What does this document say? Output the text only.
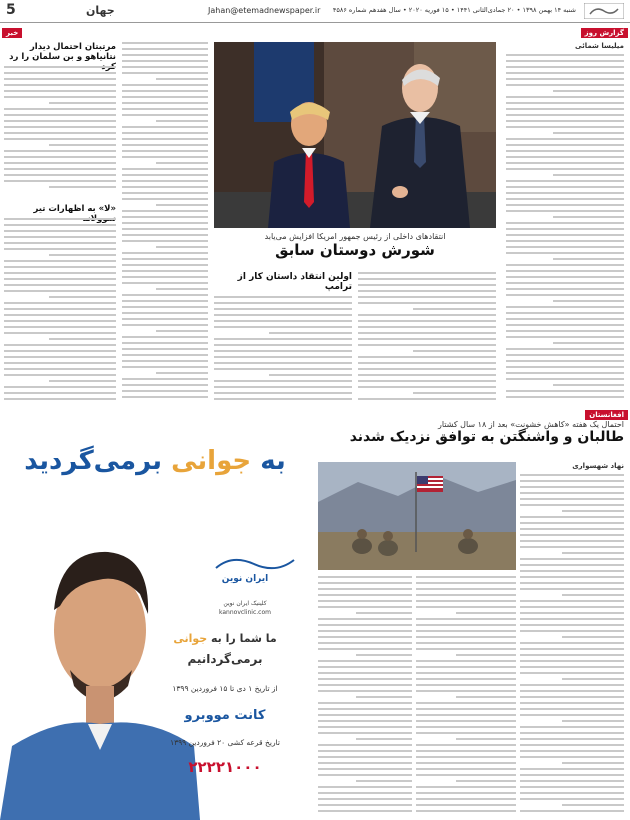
5	جهان	Jahan@etemadnewspaper.ir شنبه ۱۴ بهمن ۱۳۹۸ • ۲۰ جمادی‌الثانی ۱۴۴۱ • ۱۵ فوریه ۲۰۲۰ • سال هفدهم شماره ۴۵۸۶
گزارش روز
خبر
افغانستان
میلیسا شمائی
انتقادهای داخلی از رئیس جمهور امریکا افزایش می‌یابد
شورش دوستان سابق
اولین انتقاد داستان کار از ترامپ
مرتبتان احتمال دیدار نتانیاهو و بن سلمان را رد
«لا» به اظهارات تیر
احتمال یک هفته «کاهش خشونت» بعد از ۱۸ سال کشتار
طالبان و واشنگتن به توافق نزدیک شدند
نهاد شهسواری
به جوانی برمی‌گردید
ایران نوین
کلینیک ایران نوین
kannovclinic.com
ما شما را به جوانی
برمی‌گردانیم
از تاریخ ۱ دی تا ۱۵ فروردین ۱۳۹۹
کانت مووبرو
تاریخ قرعه کشی ۲۰ فروردین ۱۳۹۹
۲۲۲۲۱۰۰۰
